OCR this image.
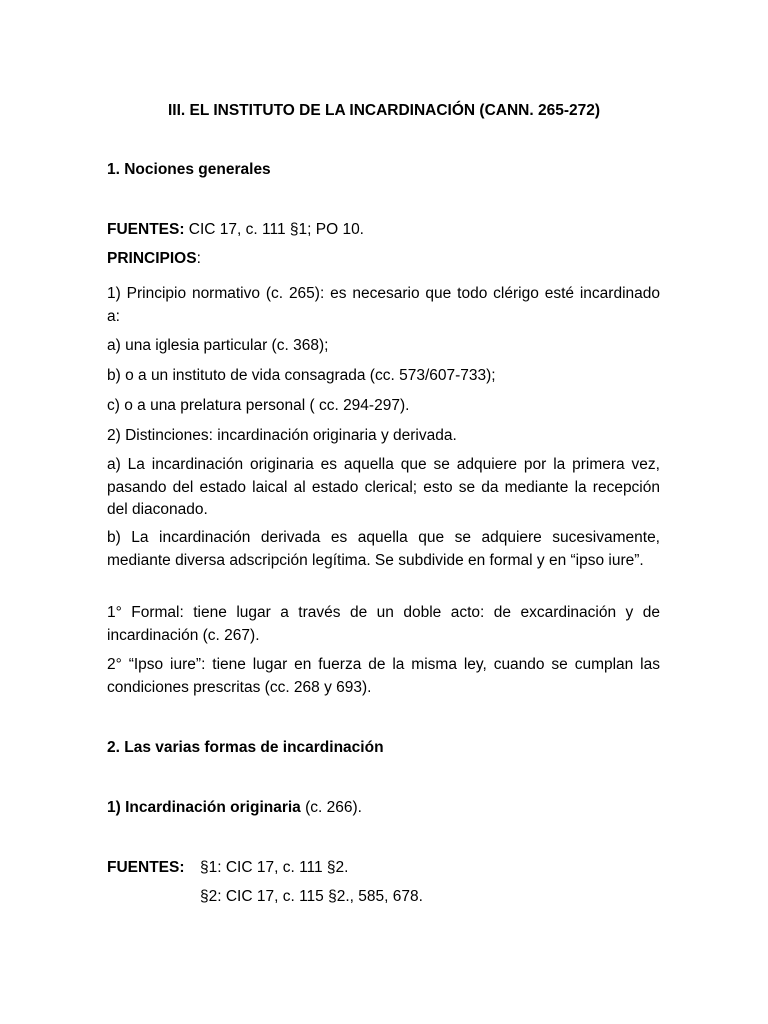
III. EL INSTITUTO DE LA INCARDINACIÓN (CANN. 265-272)

1. Nociones generales

FUENTES: CIC 17, c. 111 §1; PO 10.

PRINCIPIOS:

1) Principio normativo (c. 265): es necesario que todo clérigo esté incardinado a:

a) una iglesia particular (c. 368);

b) o a un instituto de vida consagrada (cc. 573/607-733);

c) o a una prelatura personal ( cc. 294-297).

2) Distinciones: incardinación originaria y derivada.

a) La incardinación originaria es aquella que se adquiere por la primera vez, pasando del estado laical al estado clerical; esto se da mediante la recepción del diaconado.

b) La incardinación derivada es aquella que se adquiere sucesivamente, mediante diversa adscripción legítima. Se subdivide en formal y en “ipso iure”.

1° Formal: tiene lugar a través de un doble acto: de excardinación y de incardinación (c. 267).

2° “Ipso iure”: tiene lugar en fuerza de la misma ley, cuando se cumplan las condiciones prescritas (cc. 268 y 693).

2. Las varias formas de incardinación

1) Incardinación originaria (c. 266).

FUENTES:	§1: CIC 17, c. 111 §2.
§2: CIC 17, c. 115 §2., 585, 678.
